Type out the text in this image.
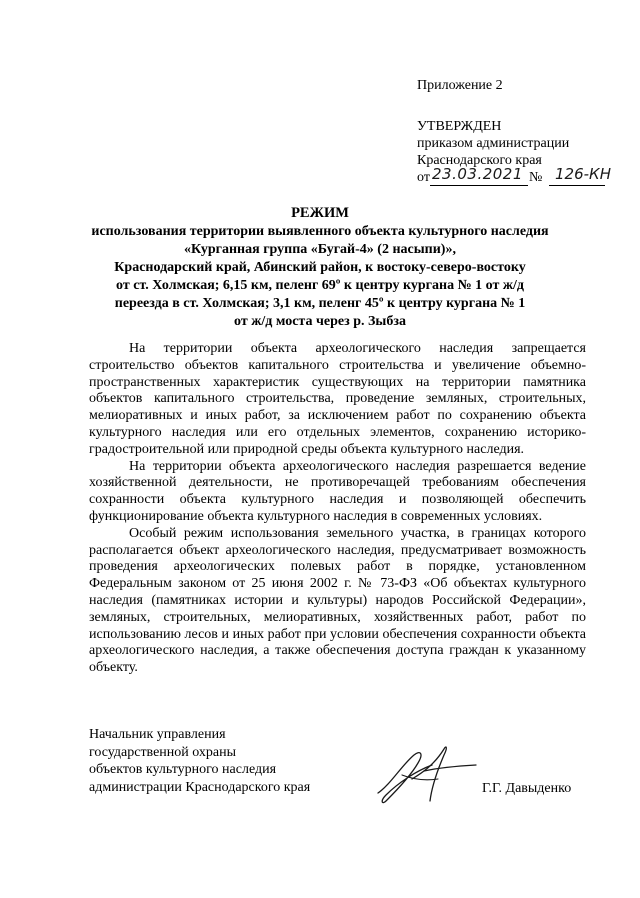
Приложение 2
УТВЕРЖДЕН
приказом администрации
Краснодарского края
от 23.03.2021 № 126-КН
РЕЖИМ
использования территории выявленного объекта культурного наследия
«Курганная группа «Бугай-4» (2 насыпи)»,
Краснодарский край, Абинский район, к востоку-северо-востоку
от ст. Холмская; 6,15 км, пеленг 69º к центру кургана № 1 от ж/д
переезда в ст. Холмская; 3,1 км, пеленг 45º к центру кургана № 1
от ж/д моста через р. Зыбза

На территории объекта археологического наследия запрещается строительство объектов капитального строительства и увеличение объемно-пространственных характеристик существующих на территории памятника объектов капитального строительства, проведение земляных, строительных, мелиоративных и иных работ, за исключением работ по сохранению объекта культурного наследия или его отдельных элементов, сохранению историко-градостроительной или природной среды объекта культурного наследия.

На территории объекта археологического наследия разрешается ведение хозяйственной деятельности, не противоречащей требованиям обеспечения сохранности объекта культурного наследия и позволяющей обеспечить функционирование объекта культурного наследия в современных условиях.

Особый режим использования земельного участка, в границах которого располагается объект археологического наследия, предусматривает возможность проведения археологических полевых работ в порядке, установленном Федеральным законом от 25 июня 2002 г. № 73-ФЗ «Об объектах культурного наследия (памятниках истории и культуры) народов Российской Федерации», земляных, строительных, мелиоративных, хозяйственных работ, работ по использованию лесов и иных работ при условии обеспечения сохранности объекта археологического наследия, а также обеспечения доступа граждан к указанному объекту.

Начальник управления
государственной охраны
объектов культурного наследия
администрации Краснодарского края	Г.Г. Давыденко
